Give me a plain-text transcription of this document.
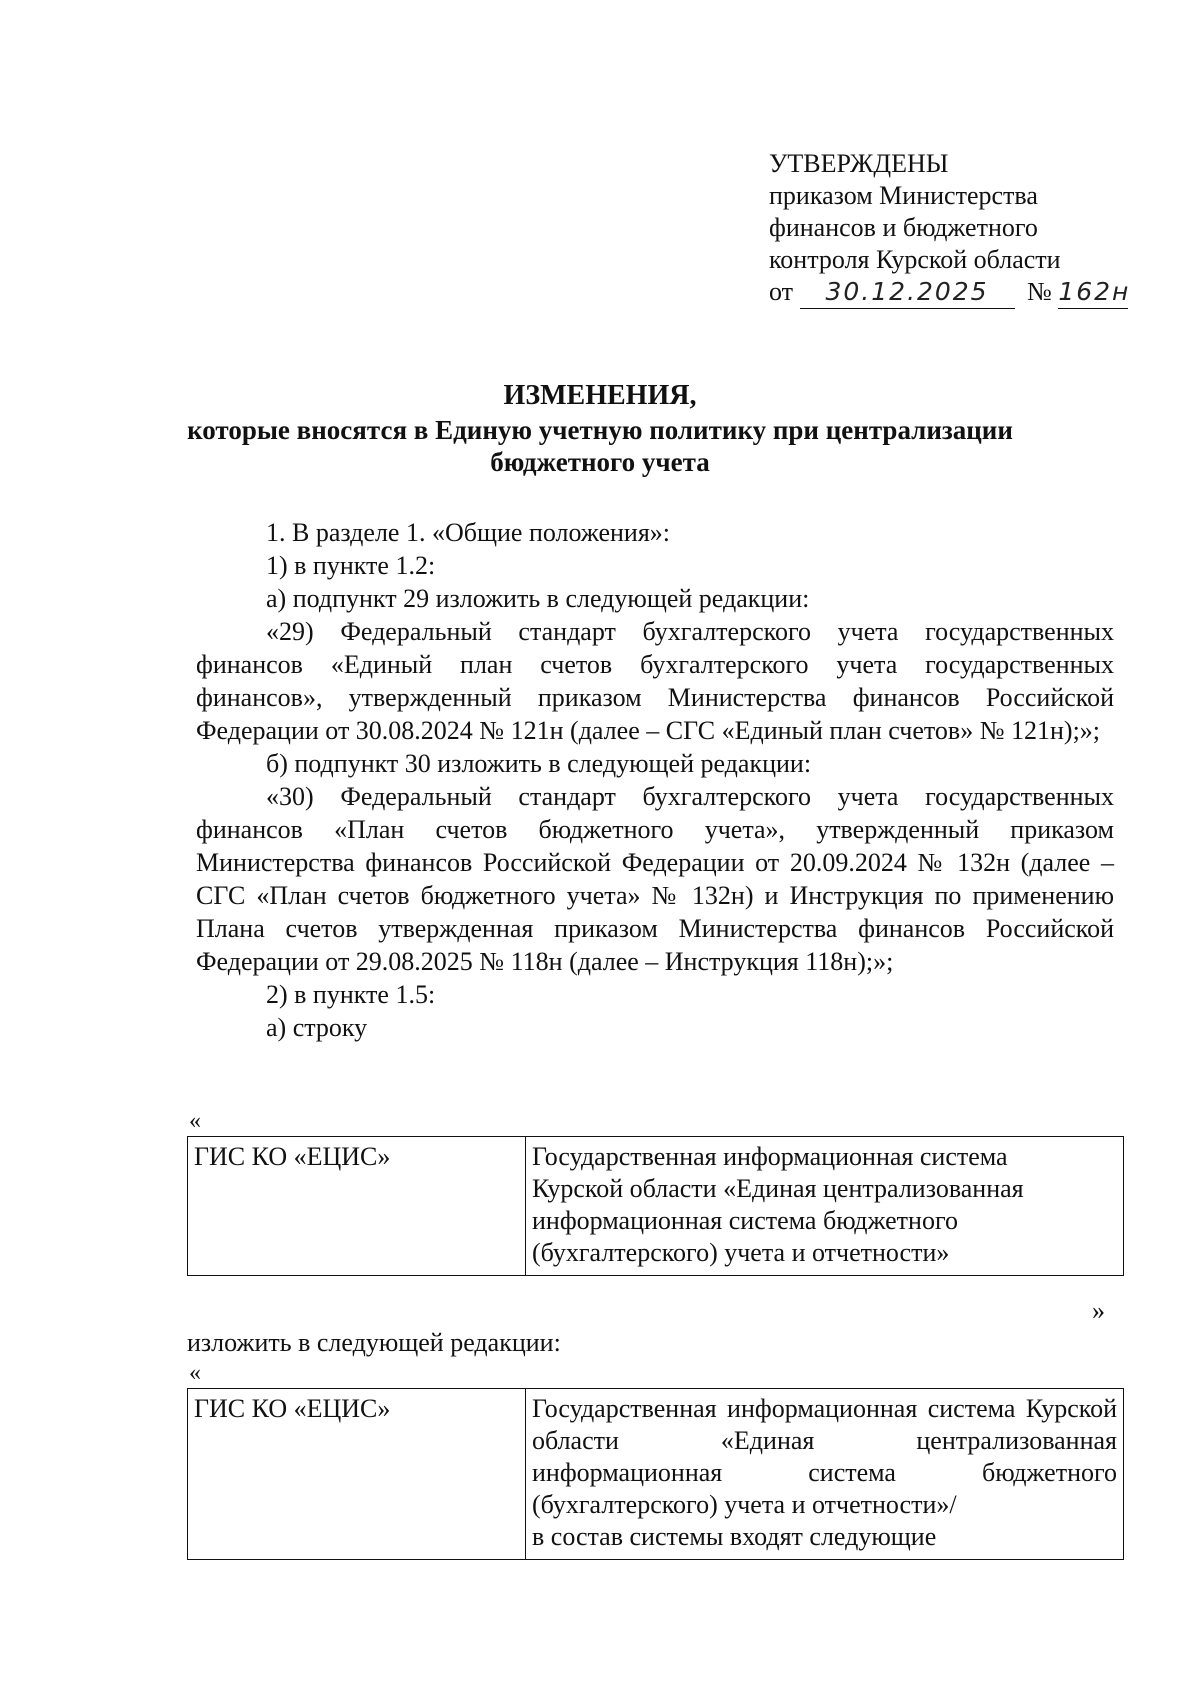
УТВЕРЖДЕНЫ
приказом Министерства
финансов и бюджетного
контроля Курской области
от 30.12.2025 № 162н
ИЗМЕНЕНИЯ,
которые вносятся в Единую учетную политику при централизации
бюджетного учета
1. В разделе 1. «Общие положения»:
1) в пункте 1.2:
а) подпункт 29 изложить в следующей редакции:

«29) Федеральный стандарт бухгалтерского учета государственных финансов «Единый план счетов бухгалтерского учета государственных финансов», утвержденный приказом Министерства финансов Российской Федерации от 30.08.2024 № 121н (далее – СГС «Единый план счетов» № 121н);»;

б) подпункт 30 изложить в следующей редакции:

«30) Федеральный стандарт бухгалтерского учета государственных финансов «План счетов бюджетного учета», утвержденный приказом Министерства финансов Российской Федерации от 20.09.2024 № 132н (далее – СГС «План счетов бюджетного учета» № 132н) и Инструкция по применению Плана счетов утвержденная приказом Министерства финансов Российской Федерации от 29.08.2025 № 118н (далее – Инструкция 118н);»;

2) в пункте 1.5:
а) строку
«
ГИС КО «ЕЦИС»	Государственная информационная система
Курской области «Единая централизованная
информационная система бюджетного
(бухгалтерского) учета и отчетности»
»
изложить в следующей редакции:
«
ГИС КО «ЕЦИС»	Государственная информационная система Курской области «Единая централизованная информационная система бюджетного (бухгалтерского) учета и отчетности»/
в состав системы входят следующие
